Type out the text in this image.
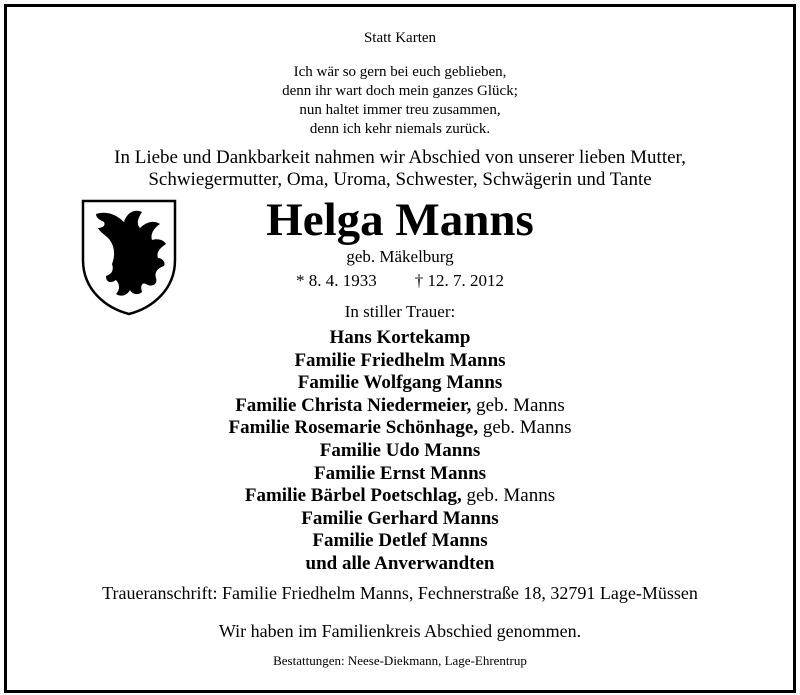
Statt Karten
Ich wär so gern bei euch geblieben,
denn ihr wart doch mein ganzes Glück;
nun haltet immer treu zusammen,
denn ich kehr niemals zurück.
In Liebe und Dankbarkeit nahmen wir Abschied von unserer lieben Mutter,
Schwiegermutter, Oma, Uroma, Schwester, Schwägerin und Tante
Helga Manns
geb. Mäkelburg
* 8. 4. 1933 † 12. 7. 2012
In stiller Trauer:
Hans Kortekamp
Familie Friedhelm Manns
Familie Wolfgang Manns
Familie Christa Niedermeier, geb. Manns
Familie Rosemarie Schönhage, geb. Manns
Familie Udo Manns
Familie Ernst Manns
Familie Bärbel Poetschlag, geb. Manns
Familie Gerhard Manns
Familie Detlef Manns
und alle Anverwandten
Traueranschrift: Familie Friedhelm Manns, Fechnerstraße 18, 32791 Lage-Müssen
Wir haben im Familienkreis Abschied genommen.
Bestattungen: Neese-Diekmann, Lage-Ehrentrup
